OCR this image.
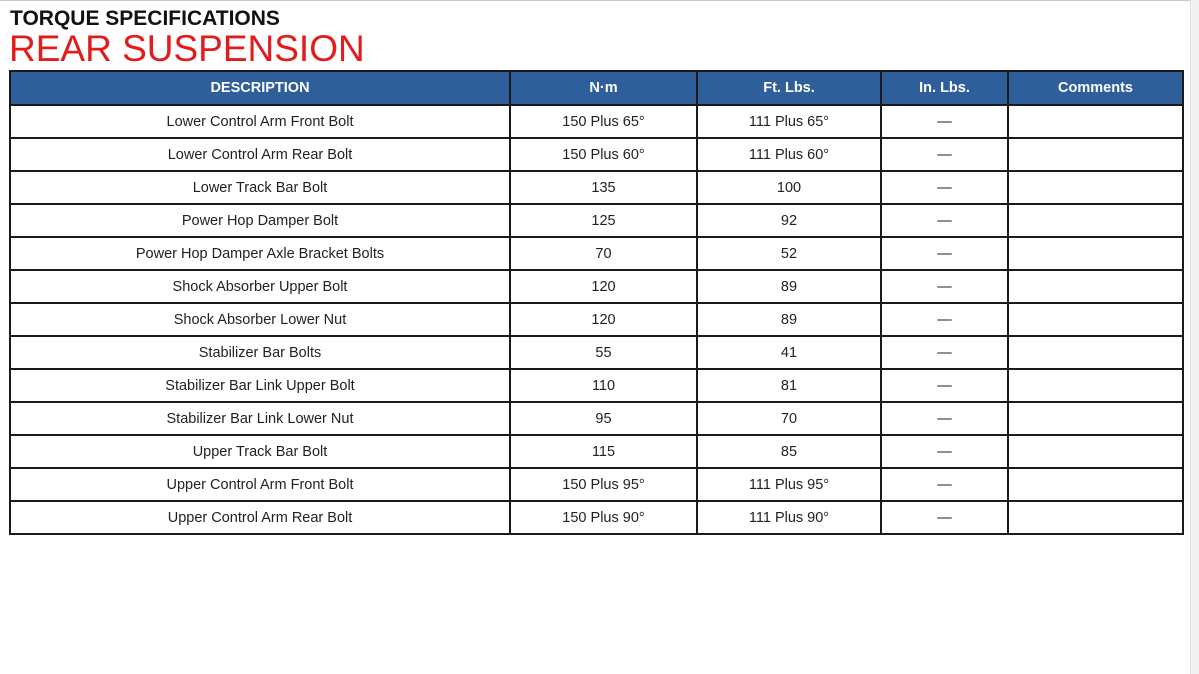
TORQUE SPECIFICATIONS
REAR SUSPENSION
DESCRIPTION	N·m	Ft. Lbs.	In. Lbs.	Comments
Lower Control Arm Front Bolt	150 Plus 65°	111 Plus 65°	—	
Lower Control Arm Rear Bolt	150 Plus 60°	111 Plus 60°	—	
Lower Track Bar Bolt	135	100	—	
Power Hop Damper Bolt	125	92	—	
Power Hop Damper Axle Bracket Bolts	70	52	—	
Shock Absorber Upper Bolt	120	89	—	
Shock Absorber Lower Nut	120	89	—	
Stabilizer Bar Bolts	55	41	—	
Stabilizer Bar Link Upper Bolt	110	81	—	
Stabilizer Bar Link Lower Nut	95	70	—	
Upper Track Bar Bolt	115	85	—	
Upper Control Arm Front Bolt	150 Plus 95°	111 Plus 95°	—	
Upper Control Arm Rear Bolt	150 Plus 90°	111 Plus 90°	—	
